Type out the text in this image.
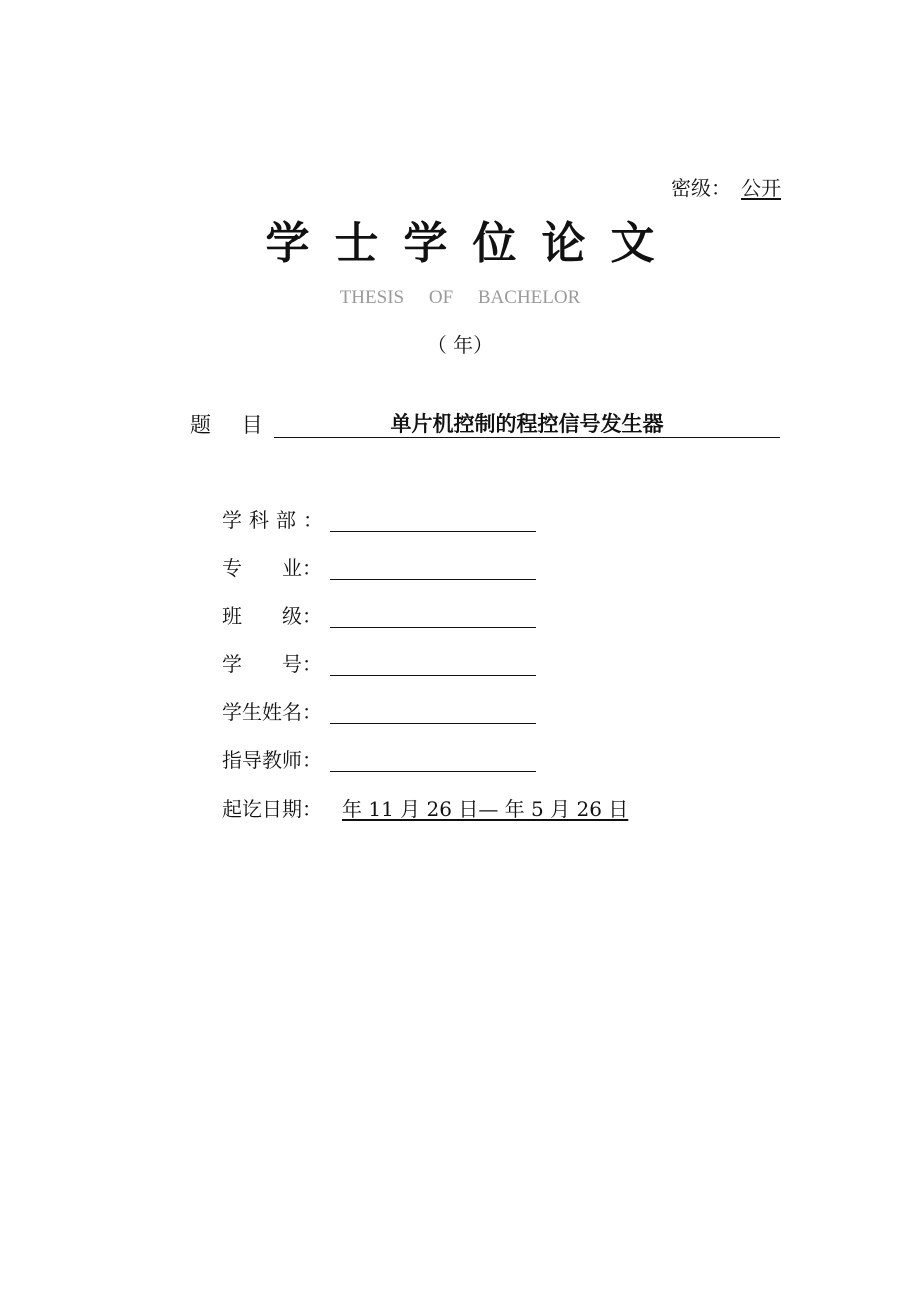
密级： 公开
学士学位论文
THESIS OF BACHELOR
（ 年）
题 目	单片机控制的程控信号发生器
学科部：
专　　业：
班　　级：
学　　号：
学生姓名：
指导教师：
起讫日期：	年 11 月 26 日— 年 5 月 26 日
